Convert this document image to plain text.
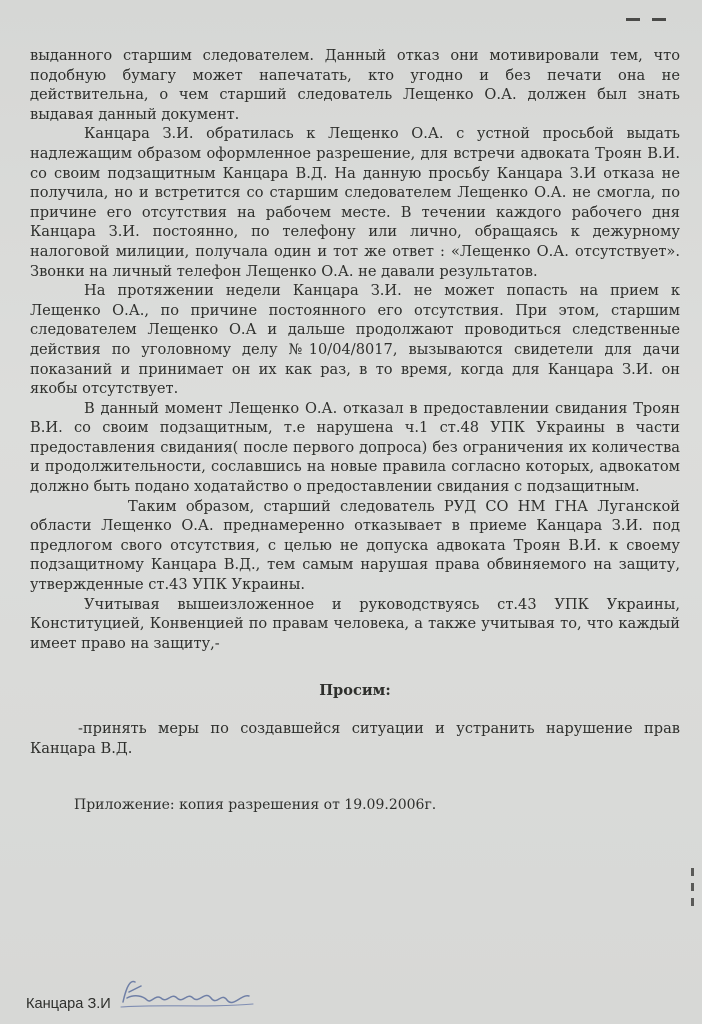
выданного старшим следователем. Данный отказ они мотивировали тем, что подобную бумагу может напечатать, кто угодно и без печати она не действительна, о чем старший следователь Лещенко О.А. должен был знать выдавая данный документ.

Канцара З.И. обратилась к Лещенко О.А. с устной просьбой выдать надлежащим образом оформленное разрешение, для встречи адвоката Троян В.И. со своим подзащитным Канцара В.Д. На данную просьбу Канцара З.И отказа не получила, но и встретится со старшим следователем Лещенко О.А. не смогла, по причине его отсутствия на рабочем месте. В течении каждого рабочего дня Канцара З.И. постоянно, по телефону или лично, обращаясь к дежурному налоговой милиции, получала один и тот же ответ : «Лещенко О.А. отсутствует». Звонки на личный телефон Лещенко О.А. не давали результатов.

На протяжении недели Канцара З.И. не может попасть на прием к Лещенко О.А., по причине постоянного его отсутствия. При этом, старшим следователем Лещенко О.А и дальше продолжают проводиться следственные действия по уголовному делу №10/04/8017, вызываются свидетели для дачи показаний и принимает он их как раз, в то время, когда для Канцара З.И. он якобы отсутствует.

В данный момент Лещенко О.А. отказал в предоставлении свидания Троян В.И. со своим подзащитным, т.е нарушена ч.1 ст.48 УПК Украины в части предоставления свидания( после первого допроса) без ограничения их количества и продолжительности, сославшись на новые правила согласно которых, адвокатом должно быть подано ходатайство о предоставлении свидания с подзащитным.

Таким образом, старший следователь РУД СО НМ ГНА Луганской области Лещенко О.А. преднамеренно отказывает в приеме Канцара З.И. под предлогом свого отсутствия, с целью не допуска адвоката Троян В.И. к своему подзащитному Канцара В.Д., тем самым нарушая права обвиняемого на защиту, утвержденные ст.43 УПК Украины.

Учитывая вышеизложенное и руководствуясь ст.43 УПК Украины, Конституцией, Конвенцией по правам человека, а также учитывая то, что каждый имеет право на защиту,-

Просим:

-принять меры по создавшейся ситуации и устранить нарушение прав Канцара В.Д.

Приложение: копия разрешения от 19.09.2006г.
Канцара З.И
